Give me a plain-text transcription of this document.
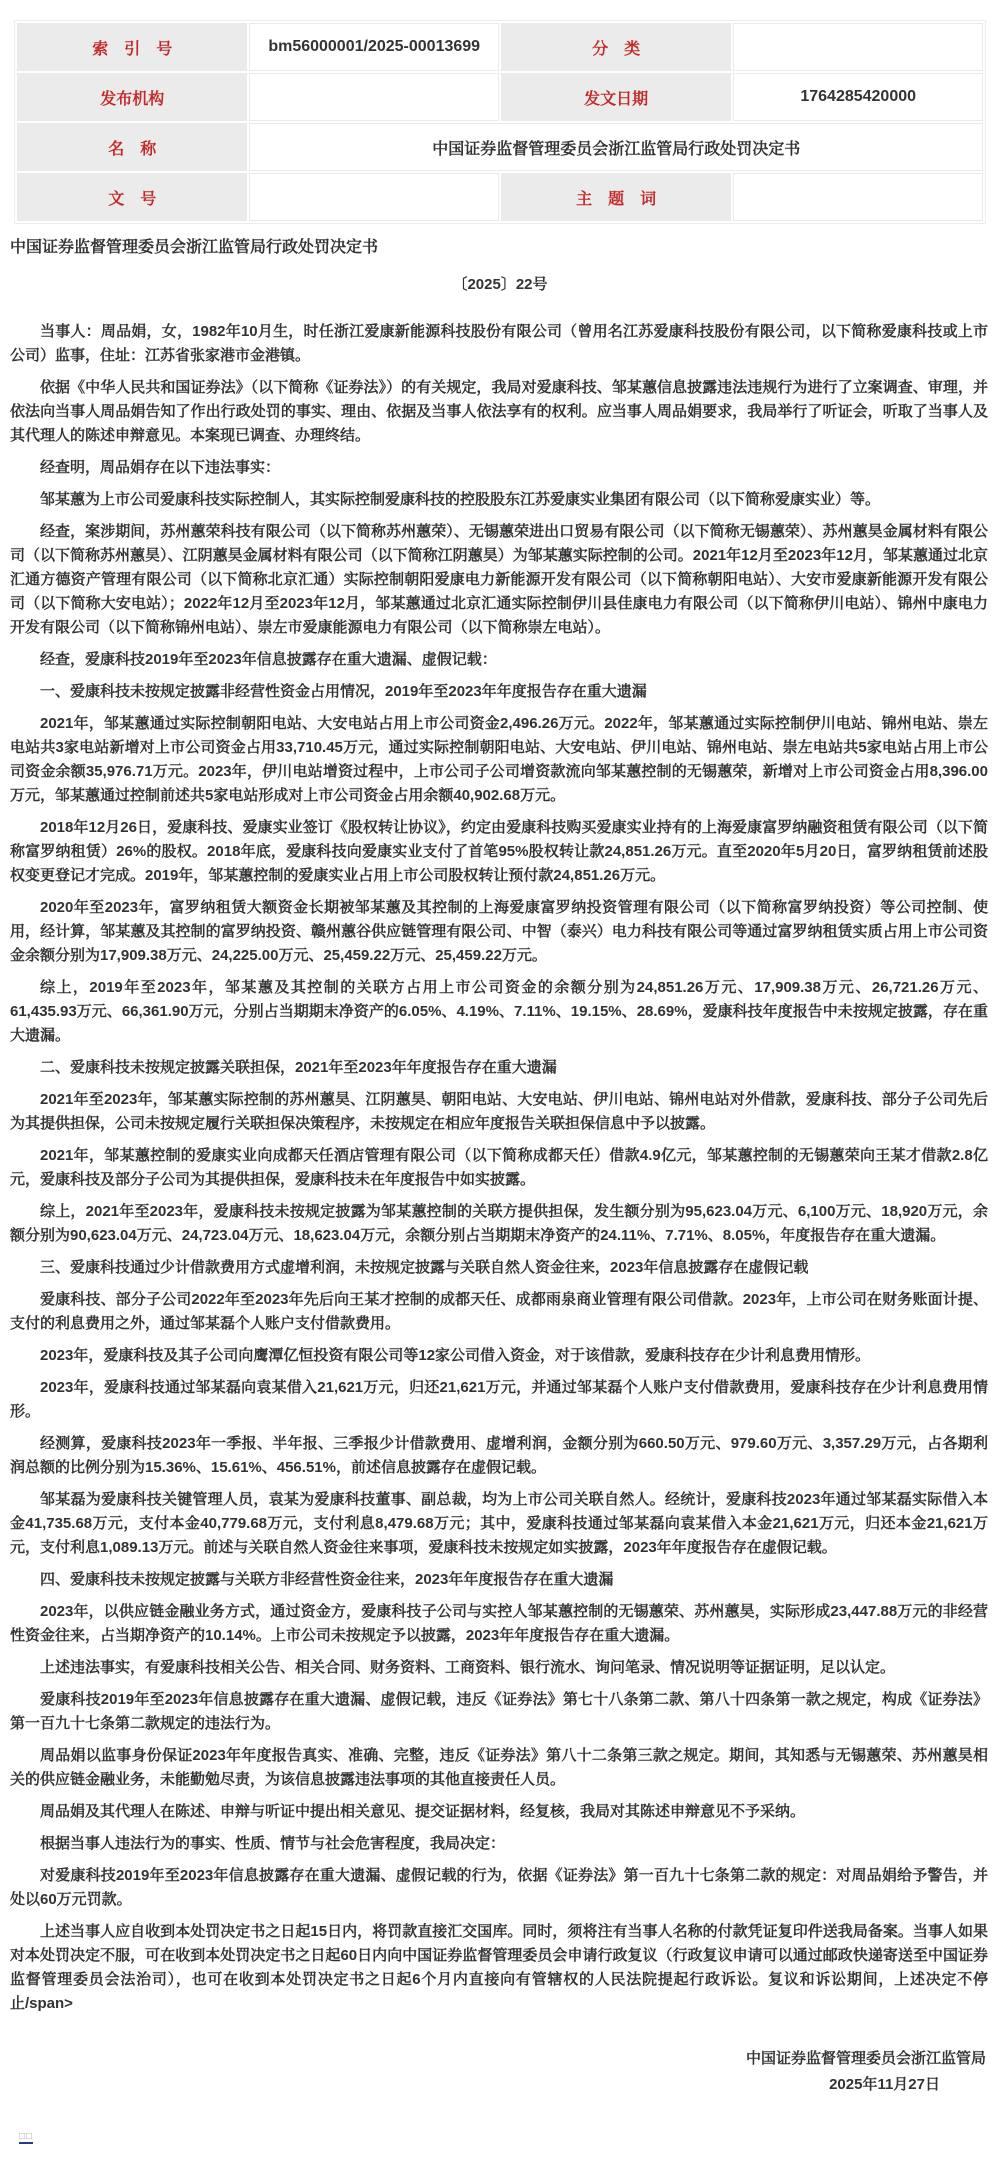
索　引　号	bm56000001/2025-00013699	分　类	
发布机构		发文日期	1764285420000
名　称	中国证券监督管理委员会浙江监管局行政处罚决定书		
文　号		主　题　词	
中国证券监督管理委员会浙江监管局行政处罚决定书
〔2025〕22号

当事人：周品娟，女，1982年10月生，时任浙江爱康新能源科技股份有限公司（曾用名江苏爱康科技股份有限公司，以下简称爱康科技或上市公司）监事，住址：江苏省张家港市金港镇。

依据《中华人民共和国证券法》（以下简称《证券法》）的有关规定，我局对爱康科技、邹某蕙信息披露违法违规行为进行了立案调查、审理，并依法向当事人周品娟告知了作出行政处罚的事实、理由、依据及当事人依法享有的权利。应当事人周品娟要求，我局举行了听证会，听取了当事人及其代理人的陈述申辩意见。本案现已调查、办理终结。

经查明，周品娟存在以下违法事实：

邹某蕙为上市公司爱康科技实际控制人，其实际控制爱康科技的控股股东江苏爱康实业集团有限公司（以下简称爱康实业）等。

经查，案涉期间，苏州蕙荣科技有限公司（以下简称苏州蕙荣）、无锡蕙荣进出口贸易有限公司（以下简称无锡蕙荣）、苏州蕙昊金属材料有限公司（以下简称苏州蕙昊）、江阴蕙昊金属材料有限公司（以下简称江阴蕙昊）为邹某蕙实际控制的公司。2021年12月至2023年12月，邹某蕙通过北京汇通方德资产管理有限公司（以下简称北京汇通）实际控制朝阳爱康电力新能源开发有限公司（以下简称朝阳电站）、大安市爱康新能源开发有限公司（以下简称大安电站）；2022年12月至2023年12月，邹某蕙通过北京汇通实际控制伊川县佳康电力有限公司（以下简称伊川电站）、锦州中康电力开发有限公司（以下简称锦州电站）、崇左市爱康能源电力有限公司（以下简称崇左电站）。

经查，爱康科技2019年至2023年信息披露存在重大遗漏、虚假记载：

一、爱康科技未按规定披露非经营性资金占用情况，2019年至2023年年度报告存在重大遗漏

2021年，邹某蕙通过实际控制朝阳电站、大安电站占用上市公司资金2,496.26万元。2022年，邹某蕙通过实际控制伊川电站、锦州电站、崇左电站共3家电站新增对上市公司资金占用33,710.45万元，通过实际控制朝阳电站、大安电站、伊川电站、锦州电站、崇左电站共5家电站占用上市公司资金余额35,976.71万元。2023年，伊川电站增资过程中，上市公司子公司增资款流向邹某蕙控制的无锡蕙荣，新增对上市公司资金占用8,396.00万元，邹某蕙通过控制前述共5家电站形成对上市公司资金占用余额40,902.68万元。

2018年12月26日，爱康科技、爱康实业签订《股权转让协议》，约定由爱康科技购买爱康实业持有的上海爱康富罗纳融资租赁有限公司（以下简称富罗纳租赁）26%的股权。2018年底，爱康科技向爱康实业支付了首笔95%股权转让款24,851.26万元。直至2020年5月20日，富罗纳租赁前述股权变更登记才完成。2019年，邹某蕙控制的爱康实业占用上市公司股权转让预付款24,851.26万元。

2020年至2023年，富罗纳租赁大额资金长期被邹某蕙及其控制的上海爱康富罗纳投资管理有限公司（以下简称富罗纳投资）等公司控制、使用，经计算，邹某蕙及其控制的富罗纳投资、赣州蕙谷供应链管理有限公司、中智（泰兴）电力科技有限公司等通过富罗纳租赁实质占用上市公司资金余额分别为17,909.38万元、24,225.00万元、25,459.22万元、25,459.22万元。

综上，2019年至2023年，邹某蕙及其控制的关联方占用上市公司资金的余额分别为24,851.26万元、17,909.38万元、26,721.26万元、61,435.93万元、66,361.90万元，分别占当期期末净资产的6.05%、4.19%、7.11%、19.15%、28.69%，爱康科技年度报告中未按规定披露，存在重大遗漏。

二、爱康科技未按规定披露关联担保，2021年至2023年年度报告存在重大遗漏

2021年至2023年，邹某蕙实际控制的苏州蕙昊、江阴蕙昊、朝阳电站、大安电站、伊川电站、锦州电站对外借款，爱康科技、部分子公司先后为其提供担保，公司未按规定履行关联担保决策程序，未按规定在相应年度报告关联担保信息中予以披露。

2021年，邹某蕙控制的爱康实业向成都天任酒店管理有限公司（以下简称成都天任）借款4.9亿元，邹某蕙控制的无锡蕙荣向王某才借款2.8亿元，爱康科技及部分子公司为其提供担保，爱康科技未在年度报告中如实披露。

综上，2021年至2023年，爱康科技未按规定披露为邹某蕙控制的关联方提供担保，发生额分别为95,623.04万元、6,100万元、18,920万元，余额分别为90,623.04万元、24,723.04万元、18,623.04万元，余额分别占当期期末净资产的24.11%、7.71%、8.05%，年度报告存在重大遗漏。

三、爱康科技通过少计借款费用方式虚增利润，未按规定披露与关联自然人资金往来，2023年信息披露存在虚假记载

爱康科技、部分子公司2022年至2023年先后向王某才控制的成都天任、成都雨泉商业管理有限公司借款。2023年，上市公司在财务账面计提、支付的利息费用之外，通过邹某磊个人账户支付借款费用。

2023年，爱康科技及其子公司向鹰潭亿恒投资有限公司等12家公司借入资金，对于该借款，爱康科技存在少计利息费用情形。

2023年，爱康科技通过邹某磊向袁某借入21,621万元，归还21,621万元，并通过邹某磊个人账户支付借款费用，爱康科技存在少计利息费用情形。

经测算，爱康科技2023年一季报、半年报、三季报少计借款费用、虚增利润，金额分别为660.50万元、979.60万元、3,357.29万元，占各期利润总额的比例分别为15.36%、15.61%、456.51%，前述信息披露存在虚假记载。

邹某磊为爱康科技关键管理人员，袁某为爱康科技董事、副总裁，均为上市公司关联自然人。经统计，爱康科技2023年通过邹某磊实际借入本金41,735.68万元，支付本金40,779.68万元，支付利息8,479.68万元；其中，爱康科技通过邹某磊向袁某借入本金21,621万元，归还本金21,621万元，支付利息1,089.13万元。前述与关联自然人资金往来事项，爱康科技未按规定如实披露，2023年年度报告存在虚假记载。

四、爱康科技未按规定披露与关联方非经营性资金往来，2023年年度报告存在重大遗漏

2023年，以供应链金融业务方式，通过资金方，爱康科技子公司与实控人邹某蕙控制的无锡蕙荣、苏州蕙昊，实际形成23,447.88万元的非经营性资金往来，占当期净资产的10.14%。上市公司未按规定予以披露，2023年年度报告存在重大遗漏。

上述违法事实，有爱康科技相关公告、相关合同、财务资料、工商资料、银行流水、询问笔录、情况说明等证据证明，足以认定。

爱康科技2019年至2023年信息披露存在重大遗漏、虚假记载，违反《证券法》第七十八条第二款、第八十四条第一款之规定，构成《证券法》第一百九十七条第二款规定的违法行为。

周品娟以监事身份保证2023年年度报告真实、准确、完整，违反《证券法》第八十二条第三款之规定。期间，其知悉与无锡蕙荣、苏州蕙昊相关的供应链金融业务，未能勤勉尽责，为该信息披露违法事项的其他直接责任人员。

周品娟及其代理人在陈述、申辩与听证中提出相关意见、提交证据材料，经复核，我局对其陈述申辩意见不予采纳。

根据当事人违法行为的事实、性质、情节与社会危害程度，我局决定：

对爱康科技2019年至2023年信息披露存在重大遗漏、虚假记载的行为，依据《证券法》第一百九十七条第二款的规定：对周品娟给予警告，并处以60万元罚款。

上述当事人应自收到本处罚决定书之日起15日内，将罚款直接汇交国库。同时，须将注有当事人名称的付款凭证复印件送我局备案。当事人如果对本处罚决定不服，可在收到本处罚决定书之日起60日内向中国证券监督管理委员会申请行政复议（行政复议申请可以通过邮政快递寄送至中国证券监督管理委员会法治司），也可在收到本处罚决定书之日起6个月内直接向有管辖权的人民法院提起行政诉讼。复议和诉讼期间，上述决定不停止/span>

中国证券监督管理委员会浙江监管局
2025年11月27日
□□
